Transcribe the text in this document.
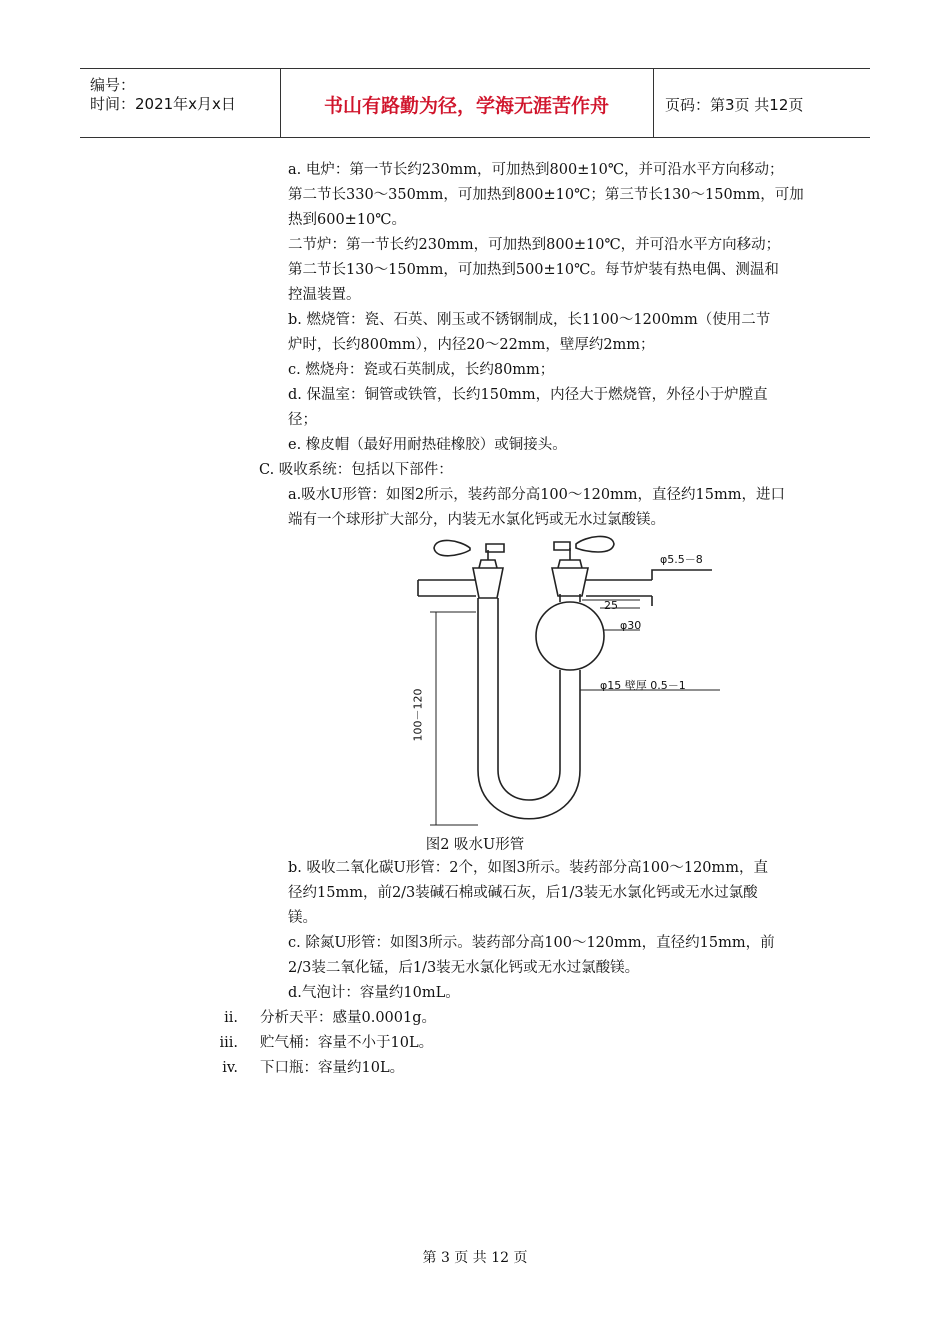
编号：
时间：2021年x月x日	书山有路勤为径，学海无涯苦作舟	页码：第3页 共12页
a. 电炉：第一节长约230mm，可加热到800±10℃，并可沿水平方向移动；
第二节长330～350mm，可加热到800±10℃；第三节长130～150mm，可加
热到600±10℃。
二节炉：第一节长约230mm，可加热到800±10℃，并可沿水平方向移动；
第二节长130～150mm，可加热到500±10℃。每节炉装有热电偶、测温和
控温装置。
b. 燃烧管：瓷、石英、刚玉或不锈钢制成，长1100～1200mm（使用二节
炉时，长约800mm），内径20～22mm，壁厚约2mm；
c. 燃烧舟：瓷或石英制成，长约80mm；
d. 保温室：铜管或铁管，长约150mm，内径大于燃烧管，外径小于炉膛直
径；
e. 橡皮帽（最好用耐热硅橡胶）或铜接头。
C. 吸收系统：包括以下部件：
a.吸水U形管：如图2所示，装药部分高100～120mm，直径约15mm，进口
端有一个球形扩大部分，内装无水氯化钙或无水过氯酸镁。
φ5.5－8
25
φ30
φ15 壁厚 0.5－1
100－120
图2 吸水U形管
b. 吸收二氧化碳U形管：2个，如图3所示。装药部分高100～120mm，直
径约15mm，前2/3装碱石棉或碱石灰，后1/3装无水氯化钙或无水过氯酸
镁。
c. 除氮U形管：如图3所示。装药部分高100～120mm，直径约15mm，前
2/3装二氧化锰，后1/3装无水氯化钙或无水过氯酸镁。
d.气泡计：容量约10mL。
ii. 分析天平：感量0.0001g。
iii. 贮气桶：容量不小于10L。
iv. 下口瓶：容量约10L。
第 3 页 共 12 页
